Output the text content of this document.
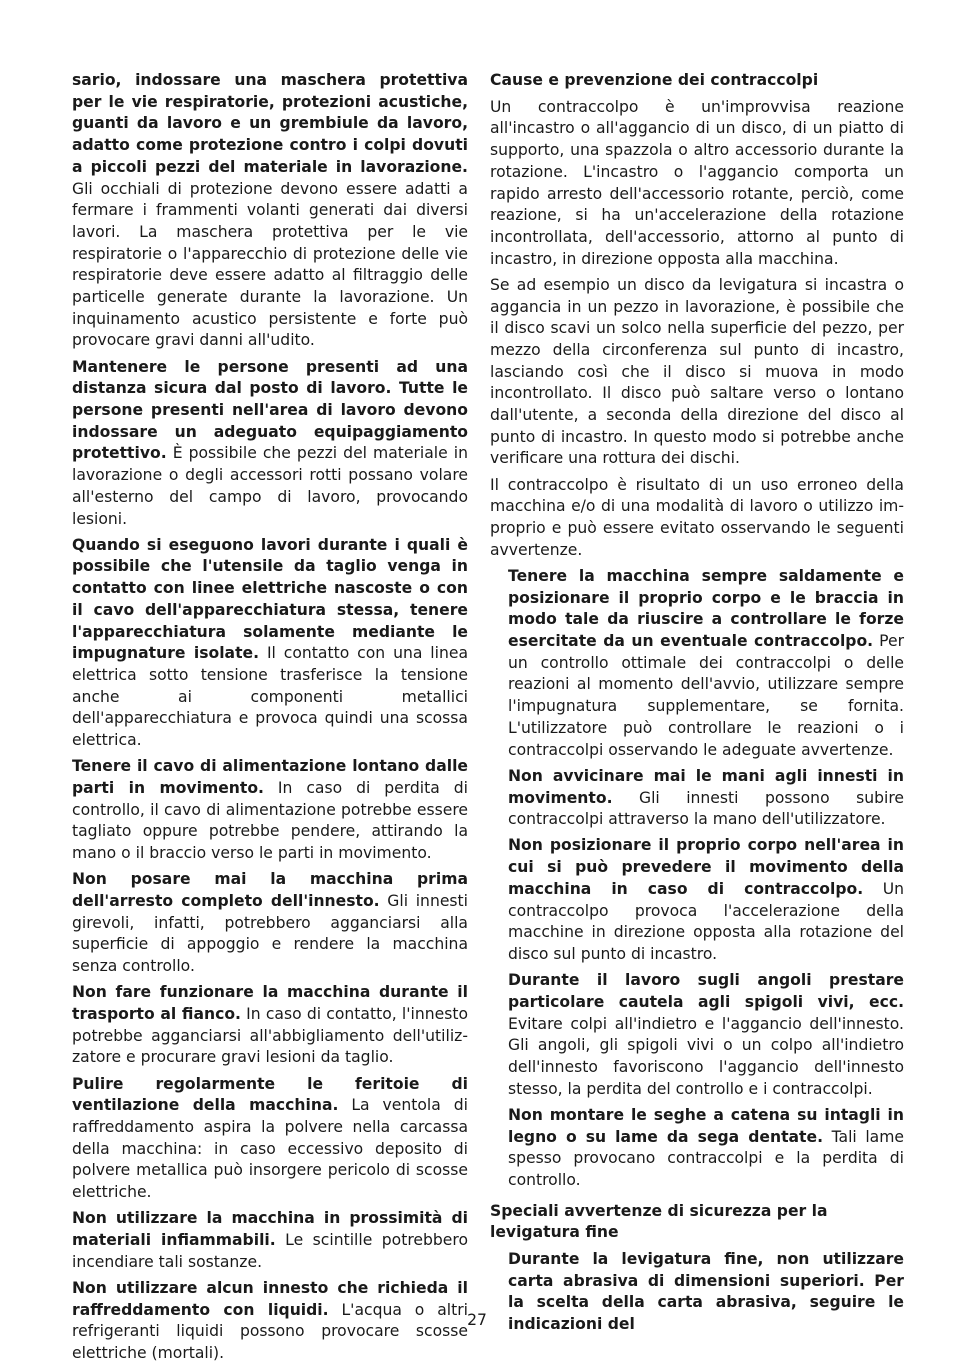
sario, indossare una maschera protettiva per le vie respiratorie, protezioni acustiche, guanti da lavoro e un grembiule da lavoro, adatto come protezione contro i colpi dovuti a piccoli pezzi del materiale in lavorazione. Gli occhiali di protezione devono essere adatti a fermare i frammenti volanti generati dai diversi lavori. La maschera protettiva per le vie respiratorie o l'apparecchio di protezione delle vie respiratorie deve essere adatto al filtraggio delle particelle generate durante la lavorazione. Un inquinamento acustico persistente e forte può provocare gravi danni all'udito.

Mantenere le persone presenti ad una distanza sicura dal posto di lavoro. Tutte le persone presenti nell'area di lavoro devono indossare un adeguato equipaggiamento protettivo. È possibile che pezzi del materiale in lavorazione o degli accessori rotti possano volare all'esterno del campo di lavoro, provocando lesioni.

Quando si eseguono lavori durante i quali è possibile che l'utensile da taglio venga in contatto con linee elettriche nascoste o con il cavo dell'apparecchiatura stessa, tenere l'apparecchiatura solamente mediante le impugnature isolate. Il contatto con una linea elettrica sotto tensione trasferisce la tensione anche ai componenti metallici dell'apparecchiatura e provoca quindi una scossa elettrica.

Tenere il cavo di alimentazione lontano dalle parti in movimento. In caso di perdita di controllo, il cavo di alimentazione potrebbe essere tagliato oppure potrebbe pendere, attirando la mano o il braccio verso le parti in movimento.

Non posare mai la macchina prima dell'arresto completo dell'innesto. Gli innesti girevoli, infatti, potrebbero agganciarsi alla superficie di appoggio e rendere la macchina senza controllo.

Non fare funzionare la macchina durante il trasporto al fianco. In caso di contatto, l'innesto potrebbe agganciarsi all'abbigliamento dell'utilizzatore e procurare gravi lesioni da taglio.

Pulire regolarmente le feritoie di ventilazione della macchina. La ventola di raffreddamento aspira la polvere nella carcassa della macchina: in caso eccessivo deposito di polvere metallica può insorgere pericolo di scosse elettriche.

Non utilizzare la macchina in prossimità di materiali infiammabili. Le scintille potrebbero incendiare tali sostanze.

Non utilizzare alcun innesto che richieda il raffreddamento con liquidi. L'acqua o altri refrigeranti liquidi possono provocare scosse elettriche (mortali).

Cause e prevenzione dei contraccolpi

Un contraccolpo è un'improvvisa reazione all'incastro o all'aggancio di un disco, di un piatto di supporto, una spazzola o altro accessorio durante la rotazione. L'incastro o l'aggancio comporta un rapido arresto dell'accessorio rotante, perciò, come reazione, si ha un'accelerazione della rotazione incontrollata, dell'accessorio, attorno al punto di incastro, in direzione opposta alla macchina.

Se ad esempio un disco da levigatura si incastra o aggancia in un pezzo in lavorazione, è possibile che il disco scavi un solco nella superficie del pezzo, per mezzo della circonferenza sul punto di incastro, lasciando così che il disco si muova in modo incontrollato. Il disco può saltare verso o lontano dall'utente, a seconda della direzione del disco al punto di incastro. In questo modo si potrebbe anche verificare una rottura dei dischi.

Il contraccolpo è risultato di un uso erroneo della macchina e/o di una modalità di lavoro o utilizzo improprio e può essere evitato osservando le seguenti avvertenze.

Tenere la macchina sempre saldamente e posizionare il proprio corpo e le braccia in modo tale da riuscire a controllare le forze esercitate da un eventuale contraccolpo. Per un controllo ottimale dei contraccolpi o delle reazioni al momento dell'avvio, utilizzare sempre l'impugnatura supplementare, se fornita. L'utilizzatore può controllare le reazioni o i contraccolpi osservando le adeguate avvertenze.

Non avvicinare mai le mani agli innesti in movimento. Gli innesti possono subire contraccolpi attraverso la mano dell'utilizzatore.

Non posizionare il proprio corpo nell'area in cui si può prevedere il movimento della macchina in caso di contraccolpo. Un contraccolpo provoca l'accelerazione della macchine in direzione opposta alla rotazione del disco sul punto di incastro.

Durante il lavoro sugli angoli prestare particolare cautela agli spigoli vivi, ecc. Evitare colpi all'indietro e l'aggancio dell'innesto. Gli angoli, gli spigoli vivi o un colpo all'indietro dell'innesto favoriscono l'aggancio dell'innesto stesso, la perdita del controllo e i contraccolpi.

Non montare le seghe a catena su intagli in legno o su lame da sega dentate. Tali lame spesso provocano contraccolpi e la perdita di controllo.

Speciali avvertenze di sicurezza per la levigatura fine

Durante la levigatura fine, non utilizzare carta abrasiva di dimensioni superiori. Per la scelta della carta abrasiva, seguire le indicazioni del

27
